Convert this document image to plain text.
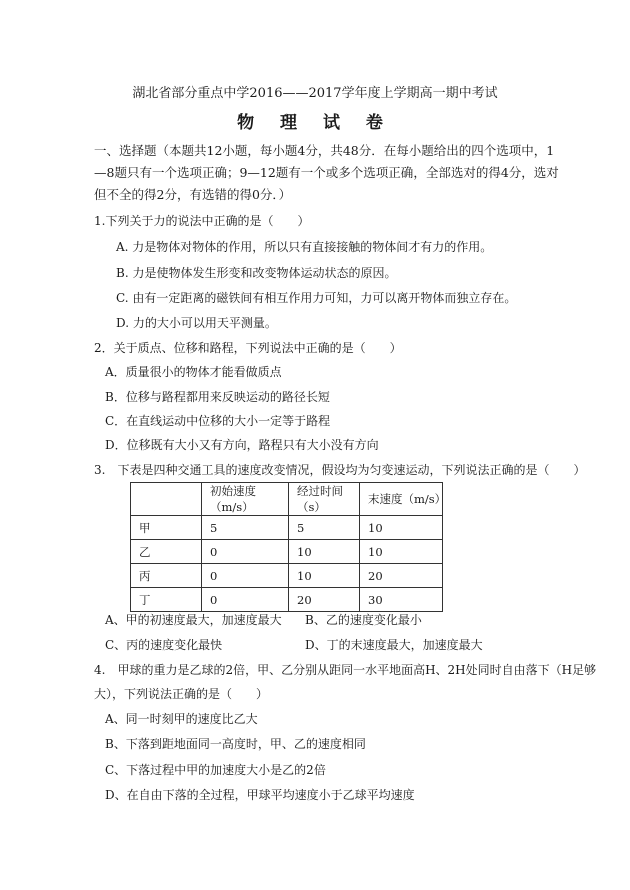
湖北省部分重点中学2016——2017学年度上学期高一期中考试
物 理 试 卷
一、选择题（本题共12小题，每小题4分，共48分．在每小题给出的四个选项中，1—8题只有一个选项正确；9—12题有一个或多个选项正确，全部选对的得4分，选对但不全的得2分，有选错的得0分．）
1.下列关于力的说法中正确的是（　　）
A. 力是物体对物体的作用，所以只有直接接触的物体间才有力的作用。
B. 力是使物体发生形变和改变物体运动状态的原因。
C. 由有一定距离的磁铁间有相互作用力可知，力可以离开物体而独立存在。
D. 力的大小可以用天平测量。
2．关于质点、位移和路程，下列说法中正确的是（　　）
A．质量很小的物体才能看做质点
B．位移与路程都用来反映运动的路径长短
C．在直线运动中位移的大小一定等于路程
D．位移既有大小又有方向，路程只有大小没有方向
3.　下表是四种交通工具的速度改变情况，假设均为匀变速运动，下列说法正确的是（　　）
	初始速度（m/s）	经过时间（s）	末速度（m/s）
甲	5	5	10
乙	0	10	10
丙	0	10	20
丁	0	20	30
A、甲的初速度最大，加速度最大 B、乙的速度变化最小
C、丙的速度变化最快	D、丁的末速度最大，加速度最大
4.　甲球的重力是乙球的2倍，甲、乙分别从距同一水平地面高H、2H处同时自由落下（H足够
大），下列说法正确的是（　　）
A、同一时刻甲的速度比乙大
B、下落到距地面同一高度时，甲、乙的速度相同
C、下落过程中甲的加速度大小是乙的2倍
D、在自由下落的全过程，甲球平均速度小于乙球平均速度
